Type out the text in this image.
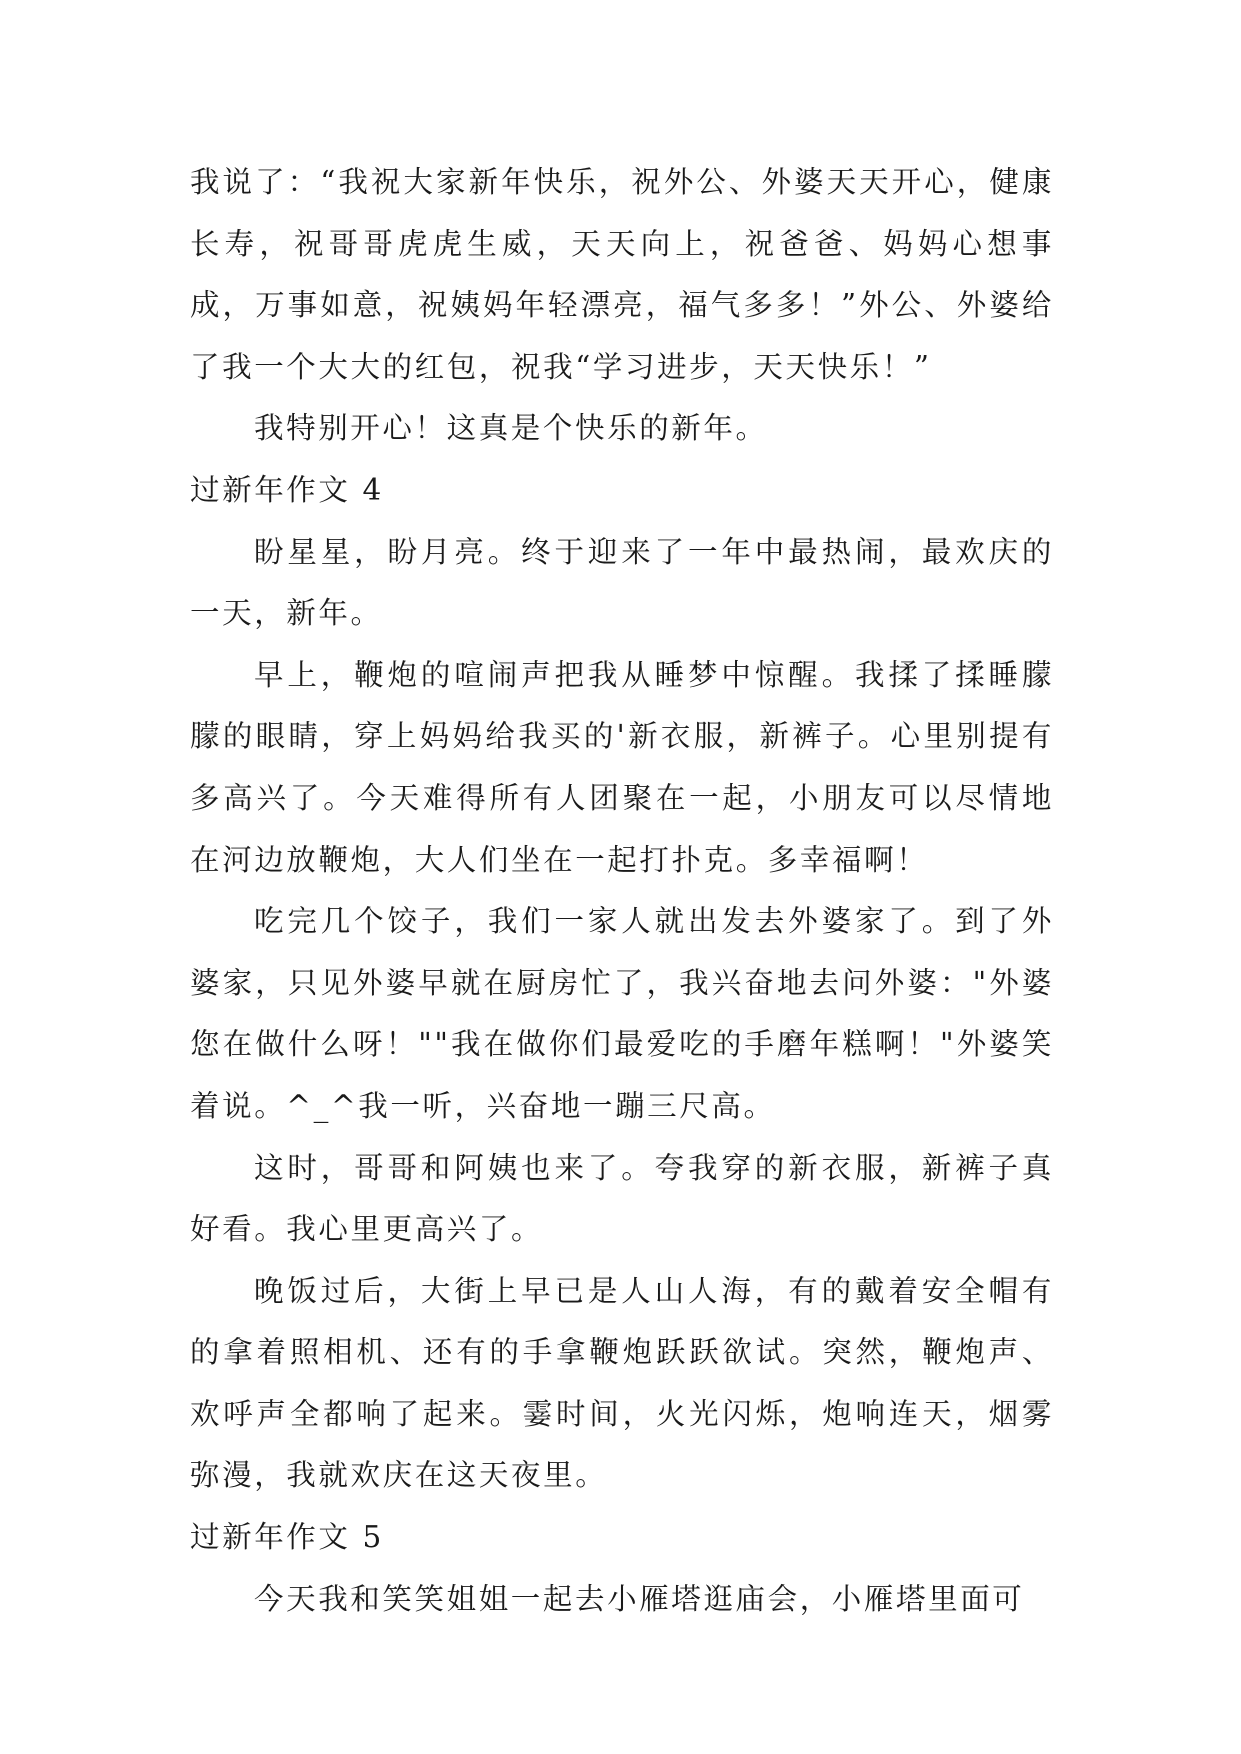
我说了：“我祝大家新年快乐，祝外公、外婆天天开心，健康长寿，祝哥哥虎虎生威，天天向上，祝爸爸、妈妈心想事成，万事如意，祝姨妈年轻漂亮，福气多多！”外公、外婆给了我一个大大的红包，祝我“学习进步，天天快乐！”

我特别开心！这真是个快乐的新年。

过新年作文 4

盼星星，盼月亮。终于迎来了一年中最热闹，最欢庆的一天，新年。

早上，鞭炮的喧闹声把我从睡梦中惊醒。我揉了揉睡朦朦的眼睛，穿上妈妈给我买的'新衣服，新裤子。心里别提有多高兴了。今天难得所有人团聚在一起，小朋友可以尽情地在河边放鞭炮，大人们坐在一起打扑克。多幸福啊！

吃完几个饺子，我们一家人就出发去外婆家了。到了外婆家，只见外婆早就在厨房忙了，我兴奋地去问外婆："外婆您在做什么呀！""我在做你们最爱吃的手磨年糕啊！"外婆笑着说。^_^我一听，兴奋地一蹦三尺高。

这时，哥哥和阿姨也来了。夸我穿的新衣服，新裤子真好看。我心里更高兴了。

晚饭过后，大街上早已是人山人海，有的戴着安全帽有的拿着照相机、还有的手拿鞭炮跃跃欲试。突然，鞭炮声、欢呼声全都响了起来。霎时间，火光闪烁，炮响连天，烟雾弥漫，我就欢庆在这天夜里。

过新年作文 5

今天我和笑笑姐姐一起去小雁塔逛庙会，小雁塔里面可
